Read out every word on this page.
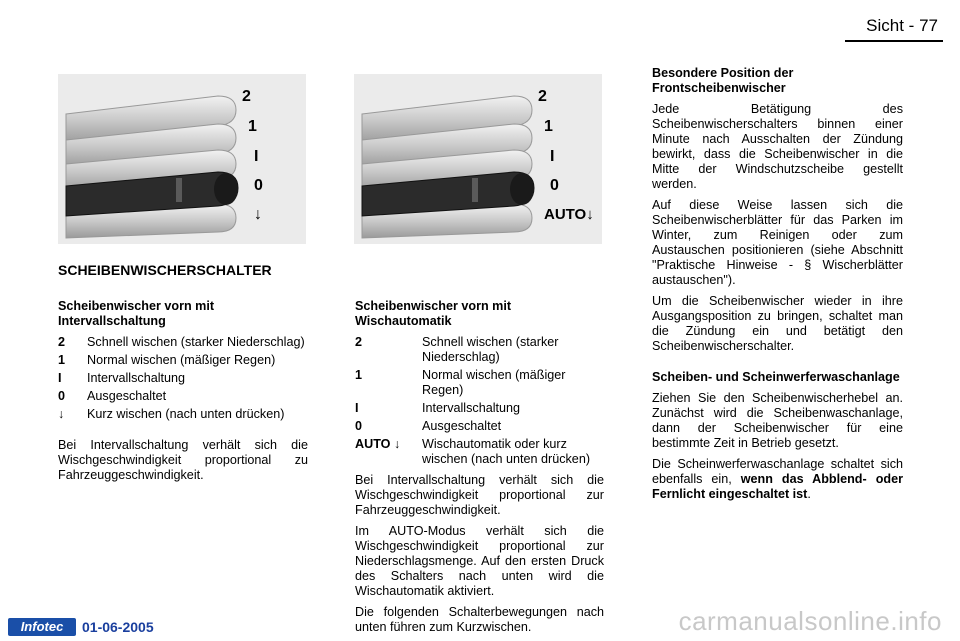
Sicht - 77
2
1
I
0
↓
2
1
I
0
AUTO↓
SCHEIBENWISCHERSCHALTER
Scheibenwischer vorn mit Intervallschaltung
2	Schnell wischen (starker Niederschlag)
1	Normal wischen (mäßiger Regen)
I	Intervallschaltung
0	Ausgeschaltet
↓	Kurz wischen (nach unten drücken)

Bei Intervallschaltung verhält sich die Wischgeschwindigkeit proportional zu Fahrzeuggeschwindigkeit.

Scheibenwischer vorn mit Wischautomatik
2	Schnell wischen (starker Niederschlag)
1	Normal wischen (mäßiger Regen)
I	Intervallschaltung
0	Ausgeschaltet
AUTO ↓	Wischautomatik oder kurz wischen (nach unten drücken)

Bei Intervallschaltung verhält sich die Wischgeschwindigkeit proportional zur Fahrzeuggeschwindigkeit.

Im AUTO-Modus verhält sich die Wischgeschwindigkeit proportional zur Niederschlagsmenge. Auf den ersten Druck des Schalters nach unten wird die Wischautomatik aktiviert.

Die folgenden Schalterbewegungen nach unten führen zum Kurzwischen.

Besondere Position der Frontscheibenwischer

Jede Betätigung des Scheibenwischerschalters binnen einer Minute nach Ausschalten der Zündung bewirkt, dass die Scheibenwischer in die Mitte der Windschutzscheibe gestellt werden.

Auf diese Weise lassen sich die Scheibenwischerblätter für das Parken im Winter, zum Reinigen oder zum Austauschen positionieren (siehe Abschnitt "Praktische Hinweise - § Wischerblätter austauschen").

Um die Scheibenwischer wieder in ihre Ausgangsposition zu bringen, schaltet man die Zündung ein und betätigt den Scheibenwischerschalter.

Scheiben- und Scheinwerferwaschanlage

Ziehen Sie den Scheibenwischerhebel an. Zunächst wird die Scheibenwaschanlage, dann der Scheibenwischer für eine bestimmte Zeit in Betrieb gesetzt.

Die Scheinwerferwaschanlage schaltet sich ebenfalls ein, wenn das Abblend- oder Fernlicht eingeschaltet ist.

Infotec	01-06-2005	carmanualsonline.info
